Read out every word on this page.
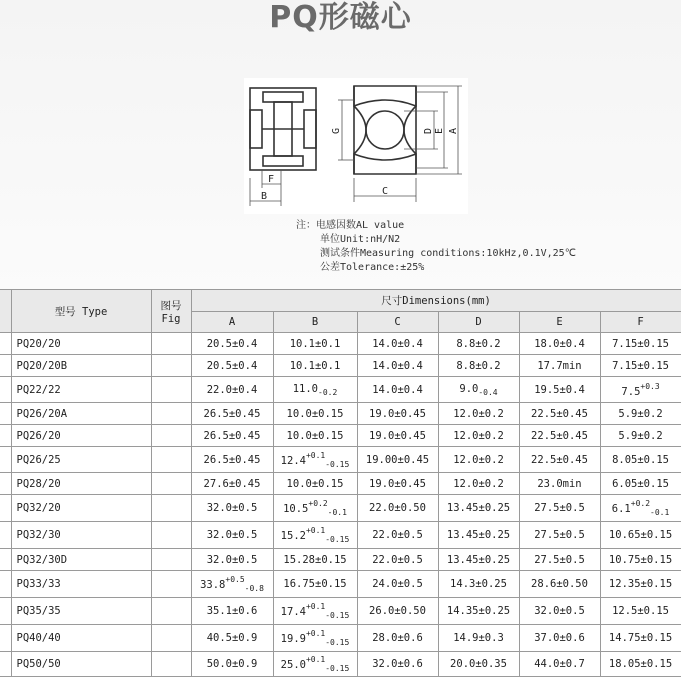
PQ形磁心
F
B
G
C
D E A
注：电感因数AL value
单位Unit:nH/N2
测试条件Measuring conditions:10kHz,0.1V,25℃
公差Tolerance:±25%
	型号 Type	图号
Fig	尺寸Dimensions(mm)					
			A	B	C	D	E	F
	PQ20/20		20.5±0.4	10.1±0.1	14.0±0.4	8.8±0.2	18.0±0.4	7.15±0.15
	PQ20/20B		20.5±0.4	10.1±0.1	14.0±0.4	8.8±0.2	17.7min	7.15±0.15
	PQ22/22		22.0±0.4	$11.0_{-0.2}$	14.0±0.4	$9.0_{-0.4}$	19.5±0.4	$7.5^{+0.3}$
	PQ26/20A		26.5±0.45	10.0±0.15	19.0±0.45	12.0±0.2	22.5±0.45	5.9±0.2
	PQ26/20		26.5±0.45	10.0±0.15	19.0±0.45	12.0±0.2	22.5±0.45	5.9±0.2
	PQ26/25		26.5±0.45	$12.4^{+0.1}_{-0.15}$	19.00±0.45	12.0±0.2	22.5±0.45	8.05±0.15
	PQ28/20		27.6±0.45	10.0±0.15	19.0±0.45	12.0±0.2	23.0min	6.05±0.15
	PQ32/20		32.0±0.5	$10.5^{+0.2}_{-0.1}$	22.0±0.50	13.45±0.25	27.5±0.5	$6.1^{+0.2}_{-0.1}$
	PQ32/30		32.0±0.5	$15.2^{+0.1}_{-0.15}$	22.0±0.5	13.45±0.25	27.5±0.5	10.65±0.15
	PQ32/30D		32.0±0.5	15.28±0.15	22.0±0.5	13.45±0.25	27.5±0.5	10.75±0.15
	PQ33/33		$33.8^{+0.5}_{-0.8}$	16.75±0.15	24.0±0.5	14.3±0.25	28.6±0.50	12.35±0.15
	PQ35/35		35.1±0.6	$17.4^{+0.1}_{-0.15}$	26.0±0.50	14.35±0.25	32.0±0.5	12.5±0.15
	PQ40/40		40.5±0.9	$19.9^{+0.1}_{-0.15}$	28.0±0.6	14.9±0.3	37.0±0.6	14.75±0.15
	PQ50/50		50.0±0.9	$25.0^{+0.1}_{-0.15}$	32.0±0.6	20.0±0.35	44.0±0.7	18.05±0.15
